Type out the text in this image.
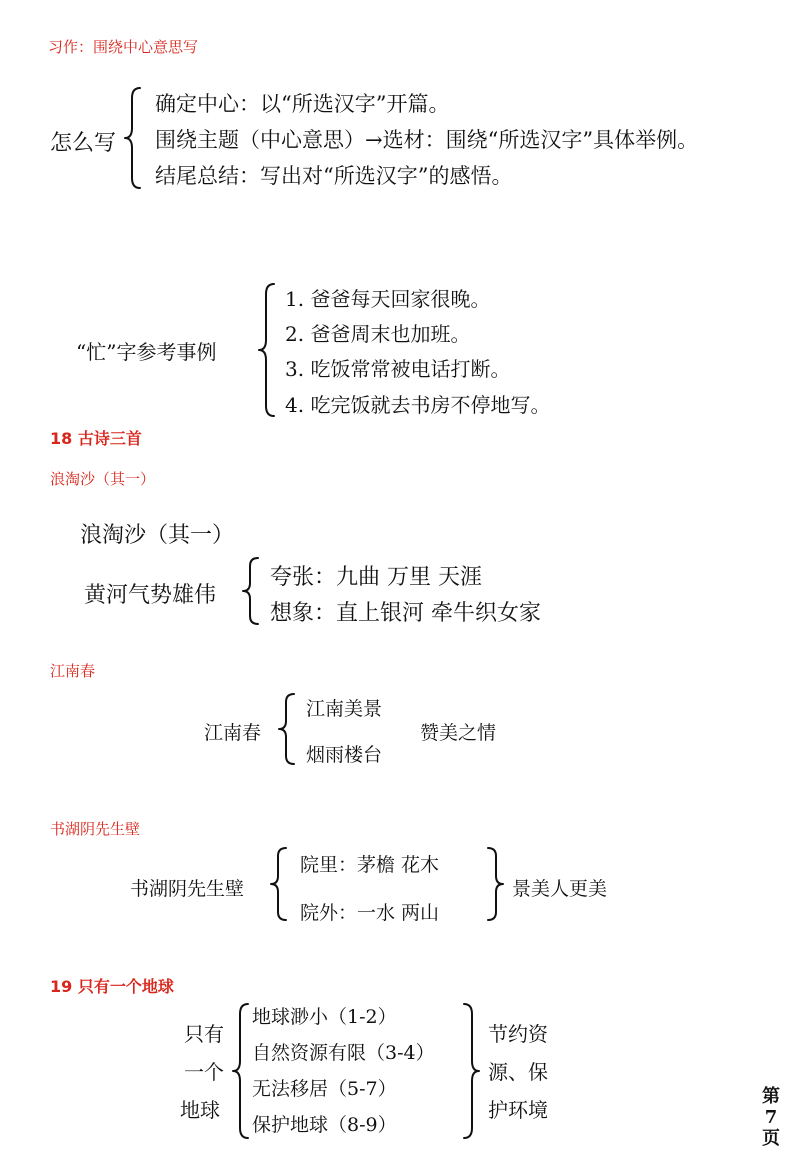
习作：围绕中心意思写
怎么写
确定中心：以“所选汉字”开篇。
围绕主题（中心意思）→选材：围绕“所选汉字”具体举例。
结尾总结：写出对“所选汉字”的感悟。
“忙”字参考事例
1. 爸爸每天回家很晚。
2. 爸爸周末也加班。
3. 吃饭常常被电话打断。
4. 吃完饭就去书房不停地写。
18 古诗三首
浪淘沙（其一）
浪淘沙（其一）
黄河气势雄伟
夸张：九曲 万里 天涯
想象：直上银河 牵牛织女家
江南春
江南春
江南美景
烟雨楼台
赞美之情
书湖阴先生壁
书湖阴先生壁
院里：茅檐 花木
院外：一水 两山
景美人更美
19 只有一个地球
只有
一个
地球
地球渺小（1-2）
自然资源有限（3-4）
无法移居（5-7）
保护地球（8-9）
节约资
源、保
护环境
第
7
页
